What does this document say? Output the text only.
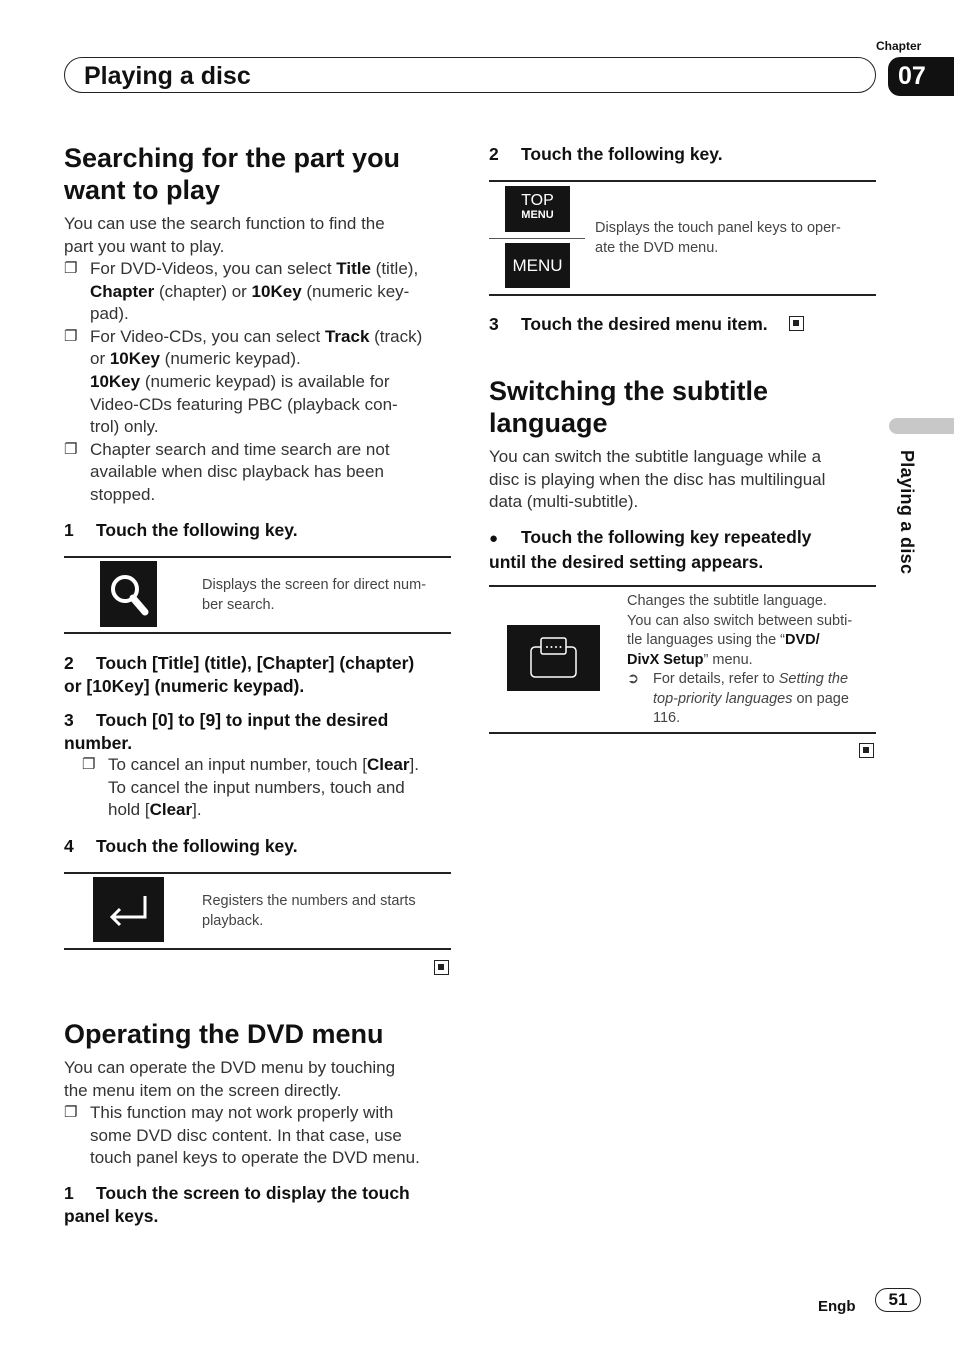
Playing a disc
Chapter
07
Playing a disc
Searching for the part you
want to play
You can use the search function to find the
part you want to play.
❐ For DVD-Videos, you can select Title (title),
Chapter (chapter) or 10Key (numeric key-
pad).
❐ For Video-CDs, you can select Track (track)
or 10Key (numeric keypad).
10Key (numeric keypad) is available for
Video-CDs featuring PBC (playback con-
trol) only.
❐ Chapter search and time search are not
available when disc playback has been
stopped.
1 Touch the following key.
Displays the screen for direct num-
ber search.
2 Touch [Title] (title), [Chapter] (chapter)
or [10Key] (numeric keypad).
3 Touch [0] to [9] to input the desired
number.
❐ To cancel an input number, touch [Clear].
To cancel the input numbers, touch and
hold [Clear].
4 Touch the following key.
Registers the numbers and starts
playback.
Operating the DVD menu
You can operate the DVD menu by touching
the menu item on the screen directly.
❐ This function may not work properly with
some DVD disc content. In that case, use
touch panel keys to operate the DVD menu.
1 Touch the screen to display the touch
panel keys.
2 Touch the following key.
TOP
MENU
MENU
Displays the touch panel keys to oper-
ate the DVD menu.
3 Touch the desired menu item.
Switching the subtitle
language
You can switch the subtitle language while a
disc is playing when the disc has multilingual
data (multi-subtitle).
● Touch the following key repeatedly
until the desired setting appears.
Changes the subtitle language.
You can also switch between subti-
tle languages using the “DVD/
DivX Setup” menu.
➲ For details, refer to Setting the
top-priority languages on page
116.
Engb	51
